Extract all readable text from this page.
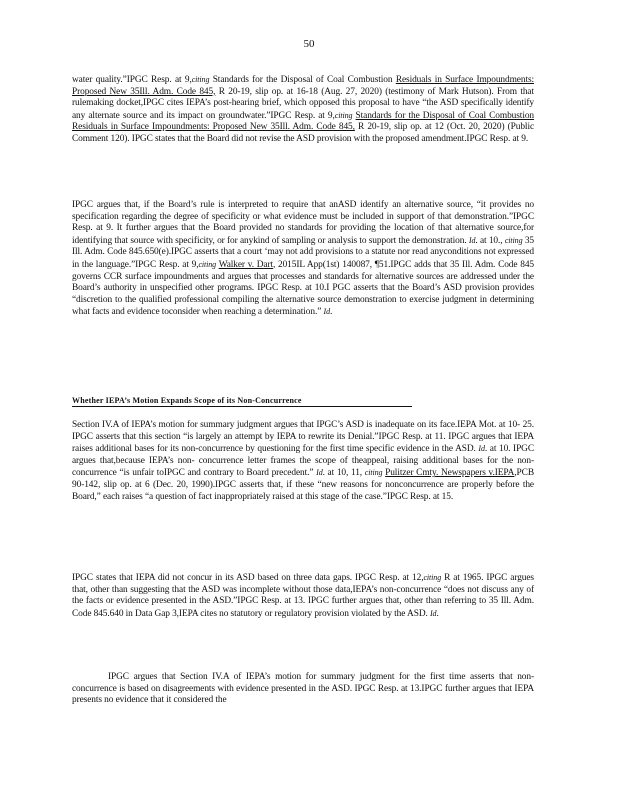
50

water quality.”IPGC Resp. at 9,citing Standards for the Disposal of Coal Combustion Residuals in Surface Impoundments: Proposed New 35Ill. Adm. Code 845, R 20-19, slip op. at 16-18 (Aug. 27, 2020) (testimony of Mark Hutson). From that rulemaking docket,IPGC cites IEPA’s post-hearing brief, which opposed this proposal to have “the ASD specifically identify any alternate source and its impact on groundwater.”IPGC Resp. at 9,citing Standards for the Disposal of Coal Combustion Residuals in Surface Impoundments: Proposed New 35Ill. Adm. Code 845, R 20-19, slip op. at 12 (Oct. 20, 2020) (Public Comment 120). IPGC states that the Board did not revise the ASD provision with the proposed amendment.IPGC Resp. at 9.

IPGC argues that, if the Board’s rule is interpreted to require that anASD identify an alternative source, “it provides no specification regarding the degree of specificity or what evidence must be included in support of that demonstration.”IPGC Resp. at 9. It further argues that the Board provided no standards for providing the location of that alternative source,for identifying that source with specificity, or for anykind of sampling or analysis to support the demonstration. Id. at 10., citing 35 Ill. Adm. Code 845.650(e).IPGC asserts that a court ‘may not add provisions to a statute nor read anyconditions not expressed in the language.”IPGC Resp. at 9,citing Walker v. Dart, 2015IL App(1st) 140087, ¶51.IPGC adds that 35 Ill. Adm. Code 845 governs CCR surface impoundments and argues that processes and standards for alternative sources are addressed under the Board’s authority in unspecified other programs. IPGC Resp. at 10.I PGC asserts that the Board’s ASD provision provides “discretion to the qualified professional compiling the alternative source demonstration to exercise judgment in determining what facts and evidence toconsider when reaching a determination.” Id.

Whether IEPA’s Motion Expands Scope of its Non-Concurrence

Section IV.A of IEPA’s motion for summary judgment argues that IPGC’s ASD is inadequate on its face.IEPA Mot. at 10- 25. IPGC asserts that this section “is largely an attempt by IEPA to rewrite its Denial.”IPGC Resp. at 11. IPGC argues that IEPA raises additional bases for its non-concurrence by questioning for the first time specific evidence in the ASD. Id. at 10. IPGC argues that,because IEPA’s non- concurrence letter frames the scope of theappeal, raising additional bases for the non-concurrence “is unfair toIPGC and contrary to Board precedent.” Id. at 10, 11, citing Pulitzer Cmty. Newspapers v.IEPA,PCB 90-142, slip op. at 6 (Dec. 20, 1990).IPGC asserts that, if these “new reasons for nonconcurrence are properly before the Board,” each raises “a question of fact inappropriately raised at this stage of the case.”IPGC Resp. at 15.

IPGC states that IEPA did not concur in its ASD based on three data gaps. IPGC Resp. at 12,citing R at 1965. IPGC argues that, other than suggesting that the ASD was incomplete without those data,IEPA’s non-concurrence “does not discuss any of the facts or evidence presented in the ASD.”IPGC Resp. at 13. IPGC further argues that, other than referring to 35 Ill. Adm. Code 845.640 in Data Gap 3,IEPA cites no statutory or regulatory provision violated by the ASD. Id.

IPGC argues that Section IV.A of IEPA’s motion for summary judgment for the first time asserts that non-concurrence is based on disagreements with evidence presented in the ASD. IPGC Resp. at 13.IPGC further argues that IEPA presents no evidence that it considered the
